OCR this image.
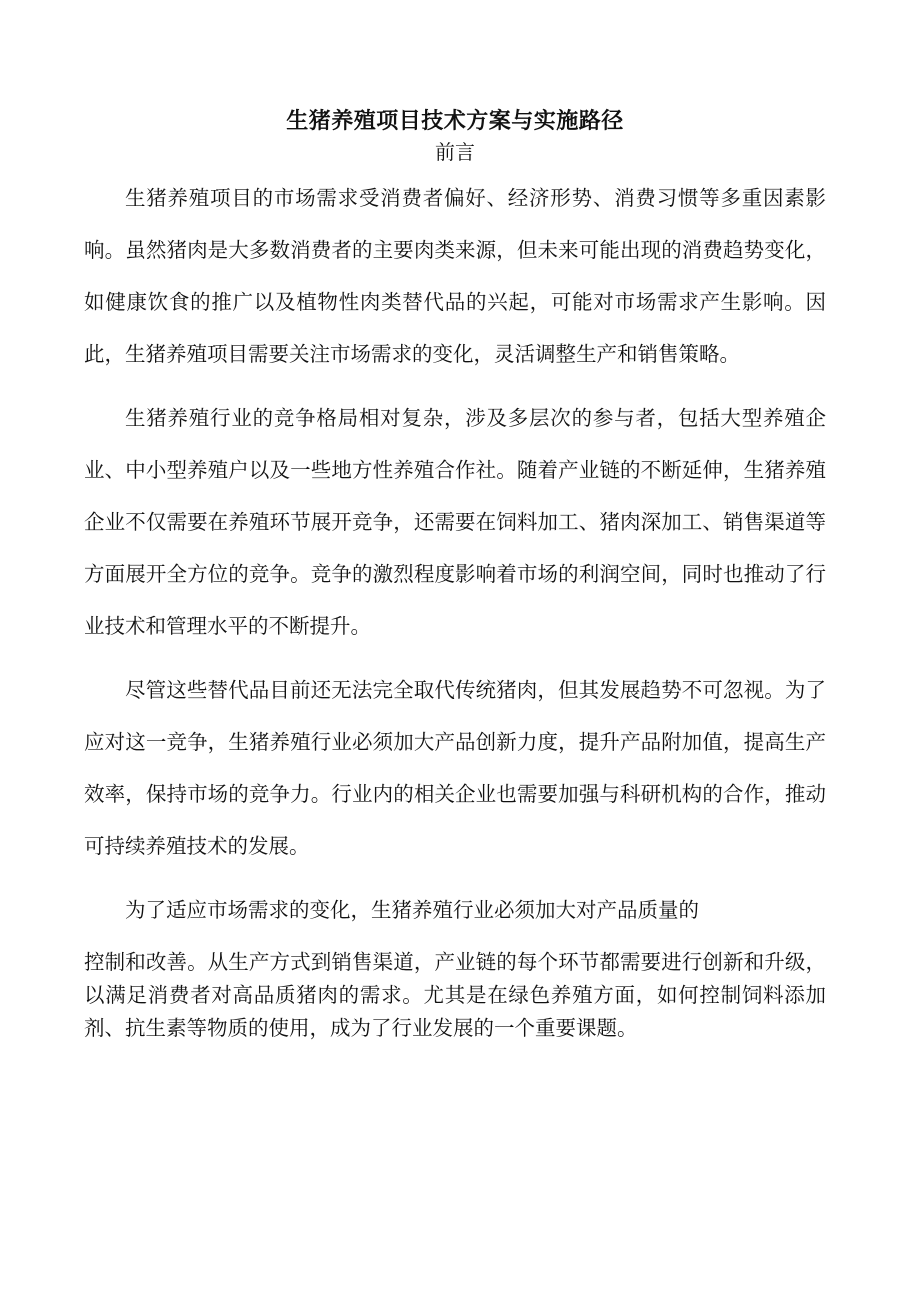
生猪养殖项目技术方案与实施路径
前言

生猪养殖项目的市场需求受消费者偏好、经济形势、消费习惯等多重因素影响。虽然猪肉是大多数消费者的主要肉类来源，但未来可能出现的消费趋势变化，如健康饮食的推广以及植物性肉类替代品的兴起，可能对市场需求产生影响。因此，生猪养殖项目需要关注市场需求的变化，灵活调整生产和销售策略。

生猪养殖行业的竞争格局相对复杂，涉及多层次的参与者，包括大型养殖企业、中小型养殖户以及一些地方性养殖合作社。随着产业链的不断延伸，生猪养殖企业不仅需要在养殖环节展开竞争，还需要在饲料加工、猪肉深加工、销售渠道等方面展开全方位的竞争。竞争的激烈程度影响着市场的利润空间，同时也推动了行业技术和管理水平的不断提升。

尽管这些替代品目前还无法完全取代传统猪肉，但其发展趋势不可忽视。为了应对这一竞争，生猪养殖行业必须加大产品创新力度，提升产品附加值，提高生产效率，保持市场的竞争力。行业内的相关企业也需要加强与科研机构的合作，推动可持续养殖技术的发展。

为了适应市场需求的变化，生猪养殖行业必须加大对产品质量的

控制和改善。从生产方式到销售渠道，产业链的每个环节都需要进行创新和升级，以满足消费者对高品质猪肉的需求。尤其是在绿色养殖方面，如何控制饲料添加剂、抗生素等物质的使用，成为了行业发展的一个重要课题。
